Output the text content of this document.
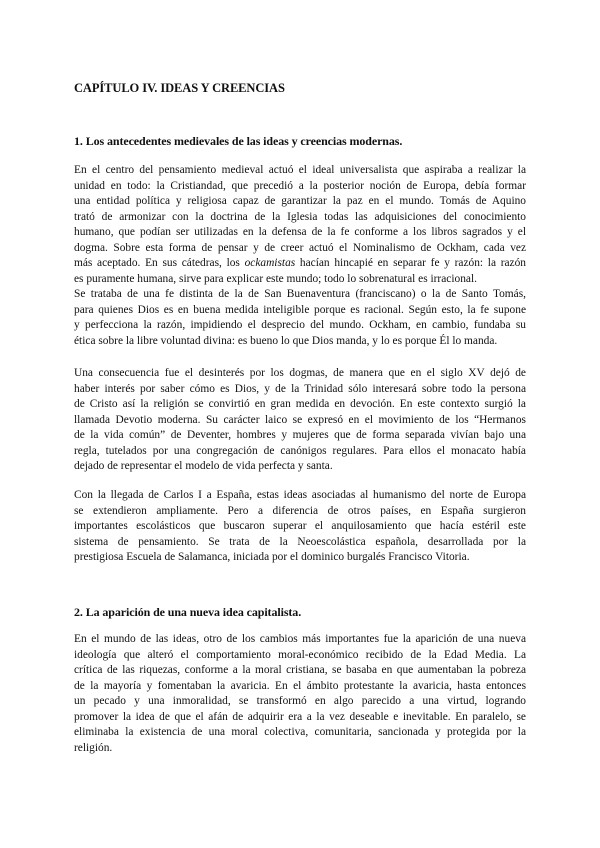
CAPÍTULO IV. IDEAS Y CREENCIAS
1. Los antecedentes medievales de las ideas y creencias modernas.

En el centro del pensamiento medieval actuó el ideal universalista que aspiraba a realizar la
unidad en todo: la Cristiandad, que precedió a la posterior noción de Europa, debía formar
una entidad política y religiosa capaz de garantizar la paz en el mundo. Tomás de Aquino
trató de armonizar con la doctrina de la Iglesia todas las adquisiciones del conocimiento
humano, que podían ser utilizadas en la defensa de la fe conforme a los libros sagrados y el
dogma. Sobre esta forma de pensar y de creer actuó el Nominalismo de Ockham, cada vez
más aceptado. En sus cátedras, los ockamistas hacían hincapié en separar fe y razón: la razón
es puramente humana, sirve para explicar este mundo; todo lo sobrenatural es irracional.
Se trataba de una fe distinta de la de San Buenaventura (franciscano) o la de Santo Tomás,
para quienes Dios es en buena medida inteligible porque es racional. Según esto, la fe supone
y perfecciona la razón, impidiendo el desprecio del mundo. Ockham, en cambio, fundaba su
ética sobre la libre voluntad divina: es bueno lo que Dios manda, y lo es porque Él lo manda.

Una consecuencia fue el desinterés por los dogmas, de manera que en el siglo XV dejó de
haber interés por saber cómo es Dios, y de la Trinidad sólo interesará sobre todo la persona
de Cristo así la religión se convirtió en gran medida en devoción. En este contexto surgió la
llamada Devotio moderna. Su carácter laico se expresó en el movimiento de los “Hermanos
de la vida común” de Deventer, hombres y mujeres que de forma separada vivían bajo una
regla, tutelados por una congregación de canónigos regulares. Para ellos el monacato había
dejado de representar el modelo de vida perfecta y santa.

Con la llegada de Carlos I a España, estas ideas asociadas al humanismo del norte de Europa
se extendieron ampliamente. Pero a diferencia de otros países, en España surgieron
importantes escolásticos que buscaron superar el anquilosamiento que hacía estéril este
sistema de pensamiento. Se trata de la Neoescolástica española, desarrollada por la
prestigiosa Escuela de Salamanca, iniciada por el dominico burgalés Francisco Vitoria.

2. La aparición de una nueva idea capitalista.

En el mundo de las ideas, otro de los cambios más importantes fue la aparición de una nueva
ideología que alteró el comportamiento moral-económico recibido de la Edad Media. La
crítica de las riquezas, conforme a la moral cristiana, se basaba en que aumentaban la pobreza
de la mayoría y fomentaban la avaricia. En el ámbito protestante la avaricia, hasta entonces
un pecado y una inmoralidad, se transformó en algo parecido a una virtud, logrando
promover la idea de que el afán de adquirir era a la vez deseable e inevitable. En paralelo, se
eliminaba la existencia de una moral colectiva, comunitaria, sancionada y protegida por la
religión.
